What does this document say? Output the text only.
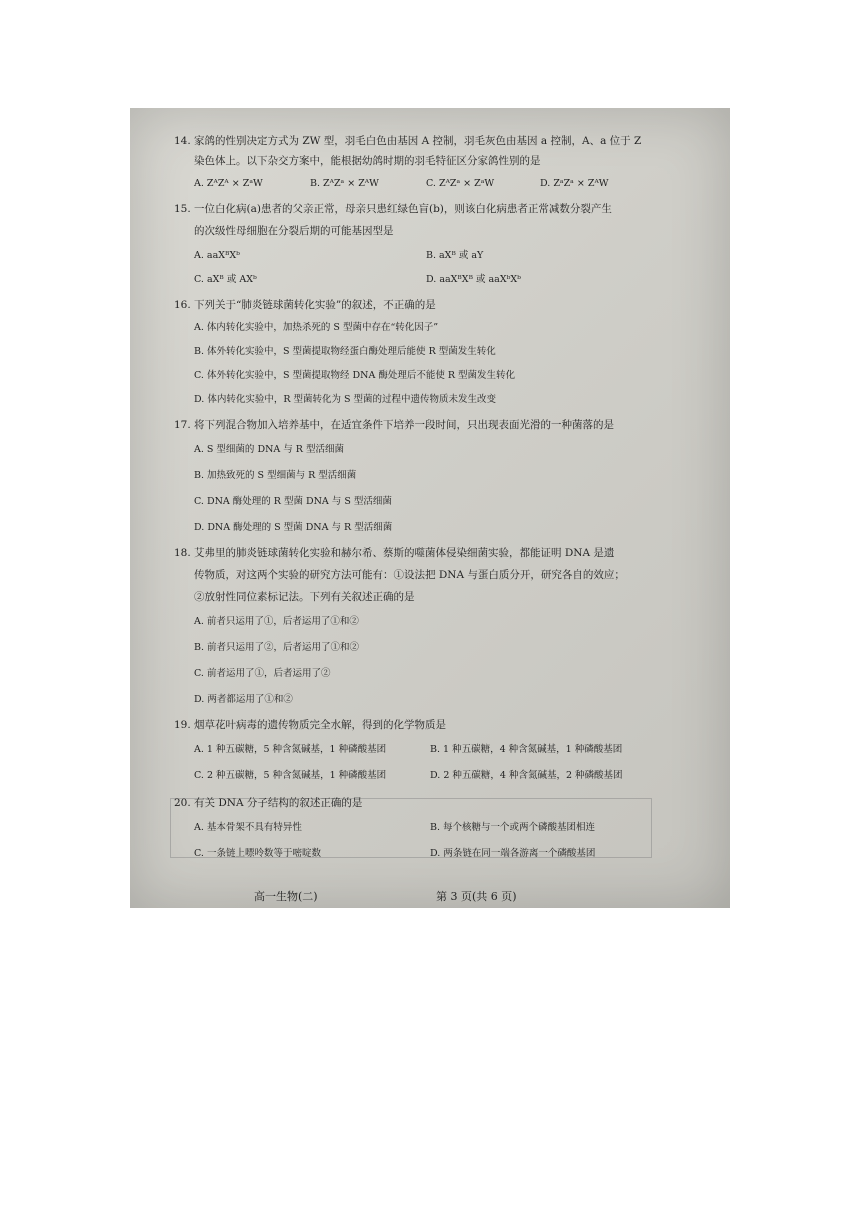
14. 家鸽的性别决定方式为 ZW 型，羽毛白色由基因 A 控制，羽毛灰色由基因 a 控制，A、a 位于 Z
染色体上。以下杂交方案中，能根据幼鸽时期的羽毛特征区分家鸽性别的是
A. ZᴬZᴬ × ZᵃW	B. ZᴬZᵃ × ZᴬW	C. ZᴬZᵃ × ZᵃW	D. ZᵃZᵃ × ZᴬW
15. 一位白化病(a)患者的父亲正常，母亲只患红绿色盲(b)，则该白化病患者正常减数分裂产生
的次级性母细胞在分裂后期的可能基因型是
A. aaXᴮXᵇ	B. aXᴮ 或 aY
C. aXᴮ 或 AXᵇ	D. aaXᴮXᴮ 或 aaXᵇXᵇ
16. 下列关于“肺炎链球菌转化实验”的叙述，不正确的是
A. 体内转化实验中，加热杀死的 S 型菌中存在“转化因子”
B. 体外转化实验中，S 型菌提取物经蛋白酶处理后能使 R 型菌发生转化
C. 体外转化实验中，S 型菌提取物经 DNA 酶处理后不能使 R 型菌发生转化
D. 体内转化实验中，R 型菌转化为 S 型菌的过程中遗传物质未发生改变
17. 将下列混合物加入培养基中，在适宜条件下培养一段时间，只出现表面光滑的一种菌落的是
A. S 型细菌的 DNA 与 R 型活细菌
B. 加热致死的 S 型细菌与 R 型活细菌
C. DNA 酶处理的 R 型菌 DNA 与 S 型活细菌
D. DNA 酶处理的 S 型菌 DNA 与 R 型活细菌
18. 艾弗里的肺炎链球菌转化实验和赫尔希、蔡斯的噬菌体侵染细菌实验，都能证明 DNA 是遗
传物质，对这两个实验的研究方法可能有：①设法把 DNA 与蛋白质分开，研究各自的效应；
②放射性同位素标记法。下列有关叙述正确的是
A. 前者只运用了①，后者运用了①和②
B. 前者只运用了②，后者运用了①和②
C. 前者运用了①，后者运用了②
D. 两者都运用了①和②
19. 烟草花叶病毒的遗传物质完全水解，得到的化学物质是
A. 1 种五碳糖，5 种含氮碱基，1 种磷酸基团	B. 1 种五碳糖，4 种含氮碱基，1 种磷酸基团
C. 2 种五碳糖，5 种含氮碱基，1 种磷酸基团	D. 2 种五碳糖，4 种含氮碱基，2 种磷酸基团
20. 有关 DNA 分子结构的叙述正确的是
A. 基本骨架不具有特异性	B. 每个核糖与一个或两个磷酸基团相连
C. 一条链上嘌呤数等于嘧啶数	D. 两条链在同一端各游离一个磷酸基团
高一生物(二)	第 3 页(共 6 页)
